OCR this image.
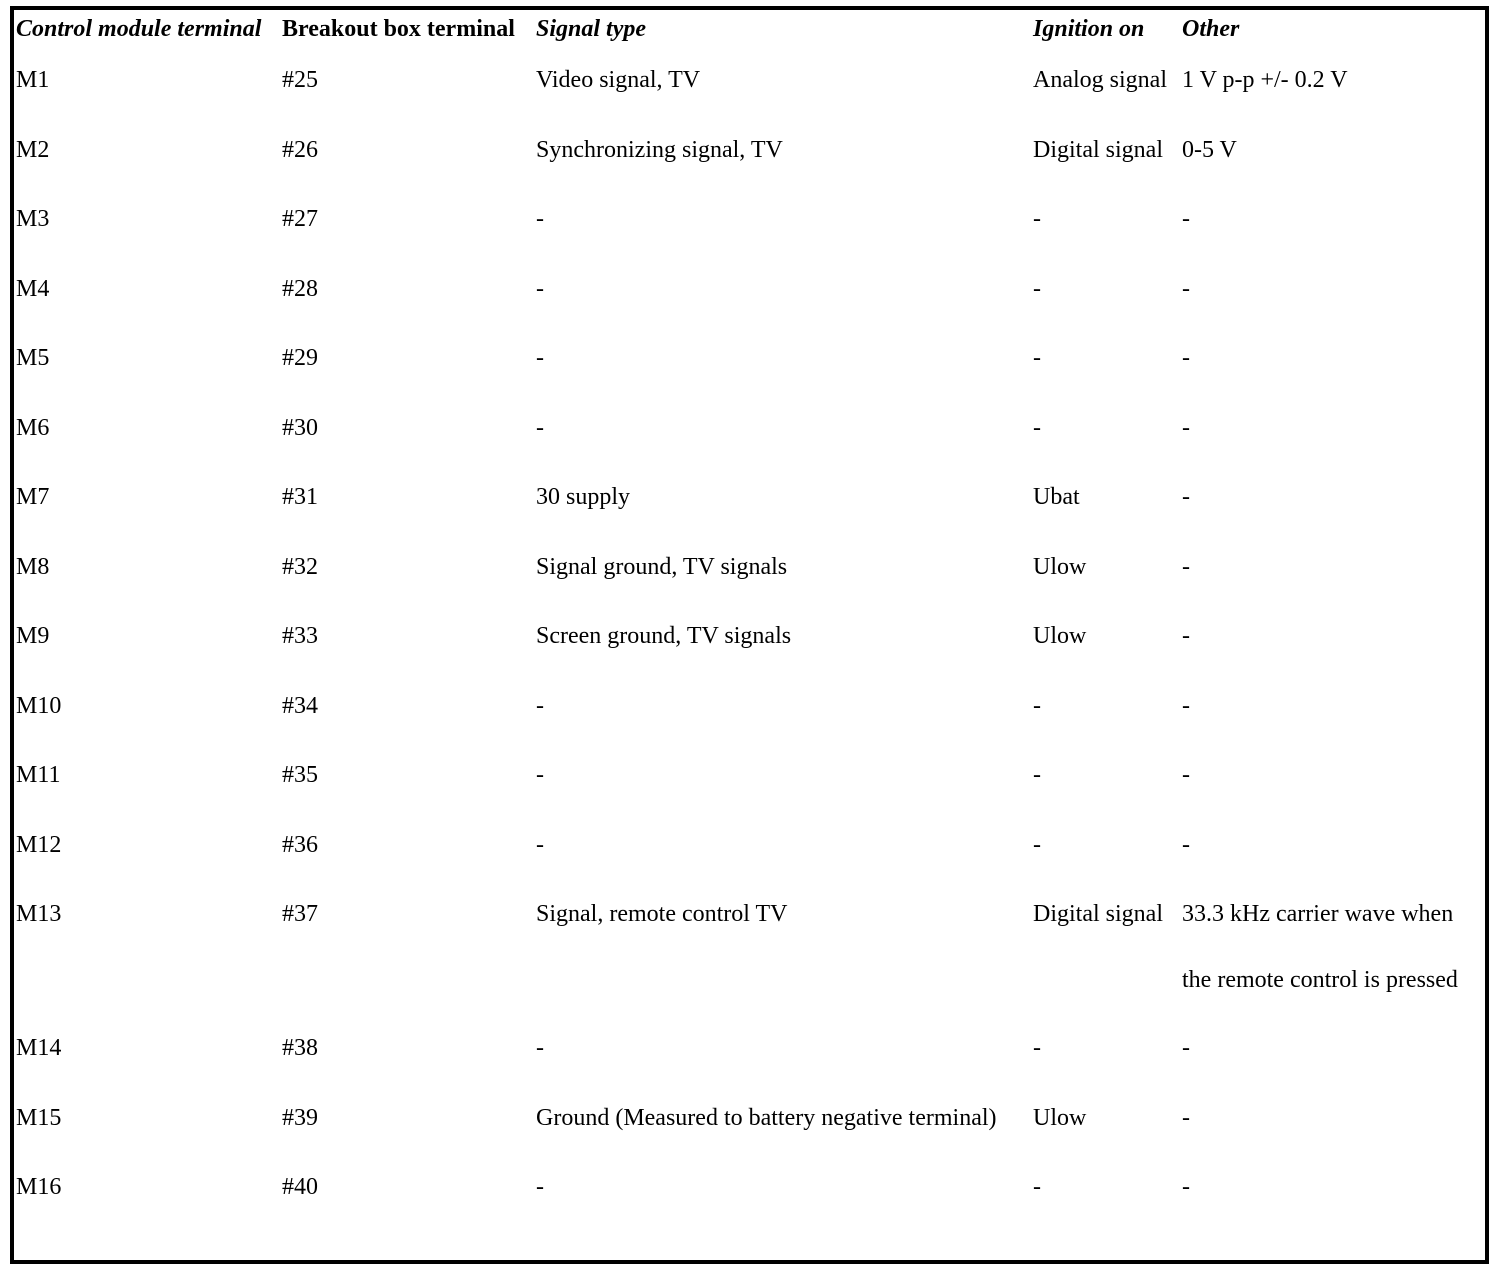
Control module terminal	Breakout box terminal	Signal type	Ignition on	Other
M1	#25	Video signal, TV	Analog signal	1 V p-p +/- 0.2 V
M2	#26	Synchronizing signal, TV	Digital signal	0-5 V
M3	#27	-	-	-
M4	#28	-	-	-
M5	#29	-	-	-
M6	#30	-	-	-
M7	#31	30 supply	Ubat	-
M8	#32	Signal ground, TV signals	Ulow	-
M9	#33	Screen ground, TV signals	Ulow	-
M10	#34	-	-	-
M11	#35	-	-	-
M12	#36	-	-	-
M13	#37	Signal, remote control TV	Digital signal	33.3 kHz carrier wave when the remote control is pressed

M14	#38	-	-	-
M15	#39	Ground (Measured to battery negative terminal)	Ulow	-
M16	#40	-	-	-
